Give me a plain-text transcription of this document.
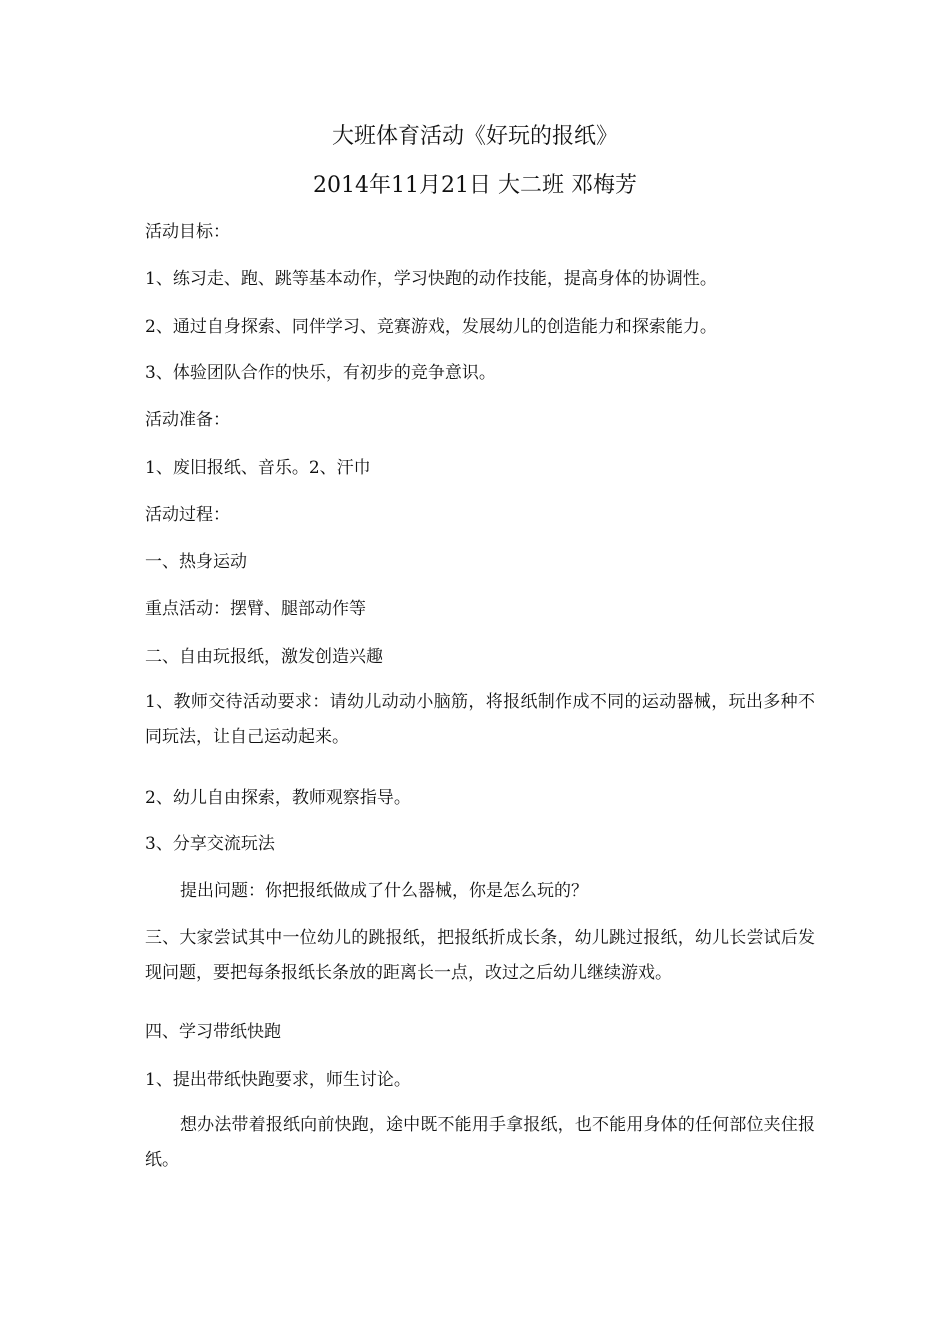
大班体育活动《好玩的报纸》
2014年11月21日 大二班 邓梅芳
活动目标：
1、练习走、跑、跳等基本动作，学习快跑的动作技能，提高身体的协调性。
2、通过自身探索、同伴学习、竞赛游戏，发展幼儿的创造能力和探索能力。
3、体验团队合作的快乐，有初步的竞争意识。
活动准备：
1、废旧报纸、音乐。2、汗巾
活动过程：
一、热身运动
重点活动：摆臂、腿部动作等
二、自由玩报纸，激发创造兴趣
1、教师交待活动要求：请幼儿动动小脑筋，将报纸制作成不同的运动器械，玩出多种不同玩法，让自己运动起来。
2、幼儿自由探索，教师观察指导。
3、分享交流玩法
提出问题：你把报纸做成了什么器械，你是怎么玩的？
三、大家尝试其中一位幼儿的跳报纸，把报纸折成长条，幼儿跳过报纸，幼儿长尝试后发现问题，要把每条报纸长条放的距离长一点，改过之后幼儿继续游戏。
四、学习带纸快跑
1、提出带纸快跑要求，师生讨论。
想办法带着报纸向前快跑，途中既不能用手拿报纸，也不能用身体的任何部位夹住报纸。
